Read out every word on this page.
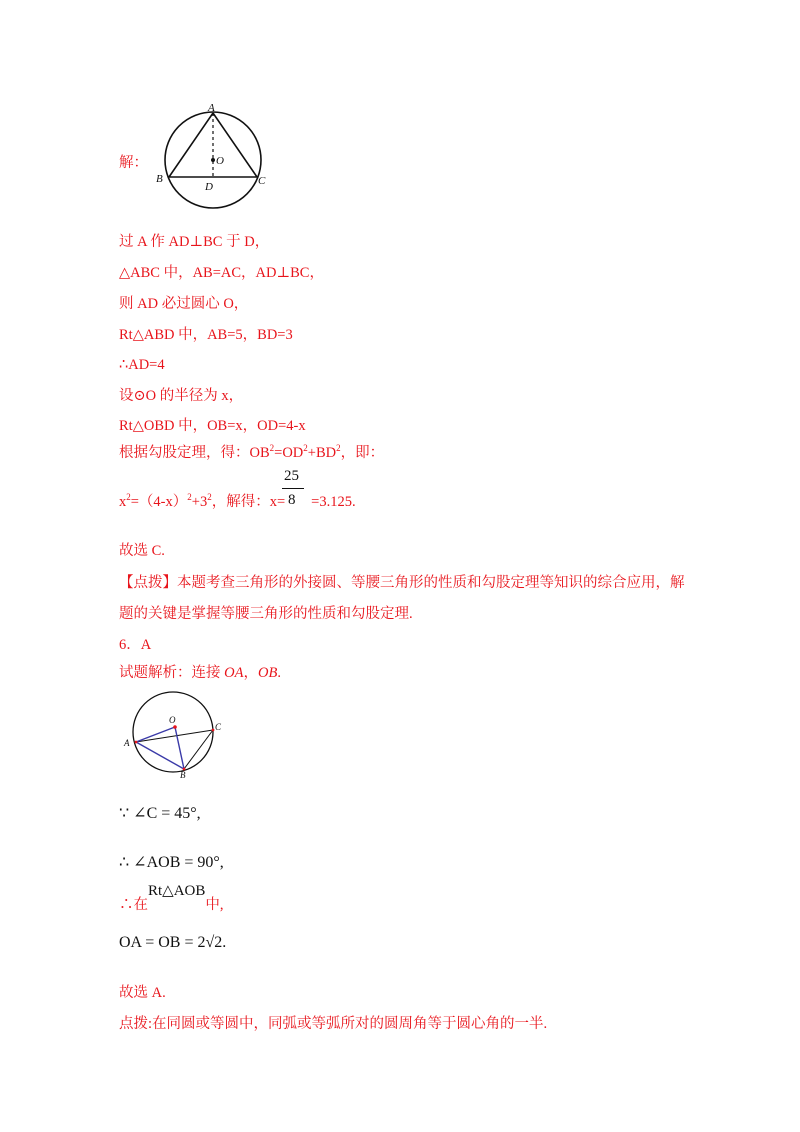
解：
A
B	C
D
O
过 A 作 AD⊥BC 于 D，
△ABC 中，AB=AC，AD⊥BC，
则 AD 必过圆心 O，
Rt△ABD 中，AB=5，BD=3
∴AD=4
设⊙O 的半径为 x，
Rt△OBD 中，OB=x，OD=4-x
根据勾股定理，得：$OB^2=OD^2+BD^2$，即：
$x^2=(4-x)^2+3^2$，解得：x= =3.125.
25
8
故选 C.
【点拨】本题考查三角形的外接圆、等腰三角形的性质和勾股定理等知识的综合应用，解
题的关键是掌握等腰三角形的性质和勾股定理.
6．A
试题解析：连接 OA，OB.
O
A
B
C
∵ ∠C = 45°,
∴ ∠AOB = 90°,
∴在Rt△AOB中,
OA = OB = 2√2.
故选 A.
点拨:在同圆或等圆中，同弧或等弧所对的圆周角等于圆心角的一半.
